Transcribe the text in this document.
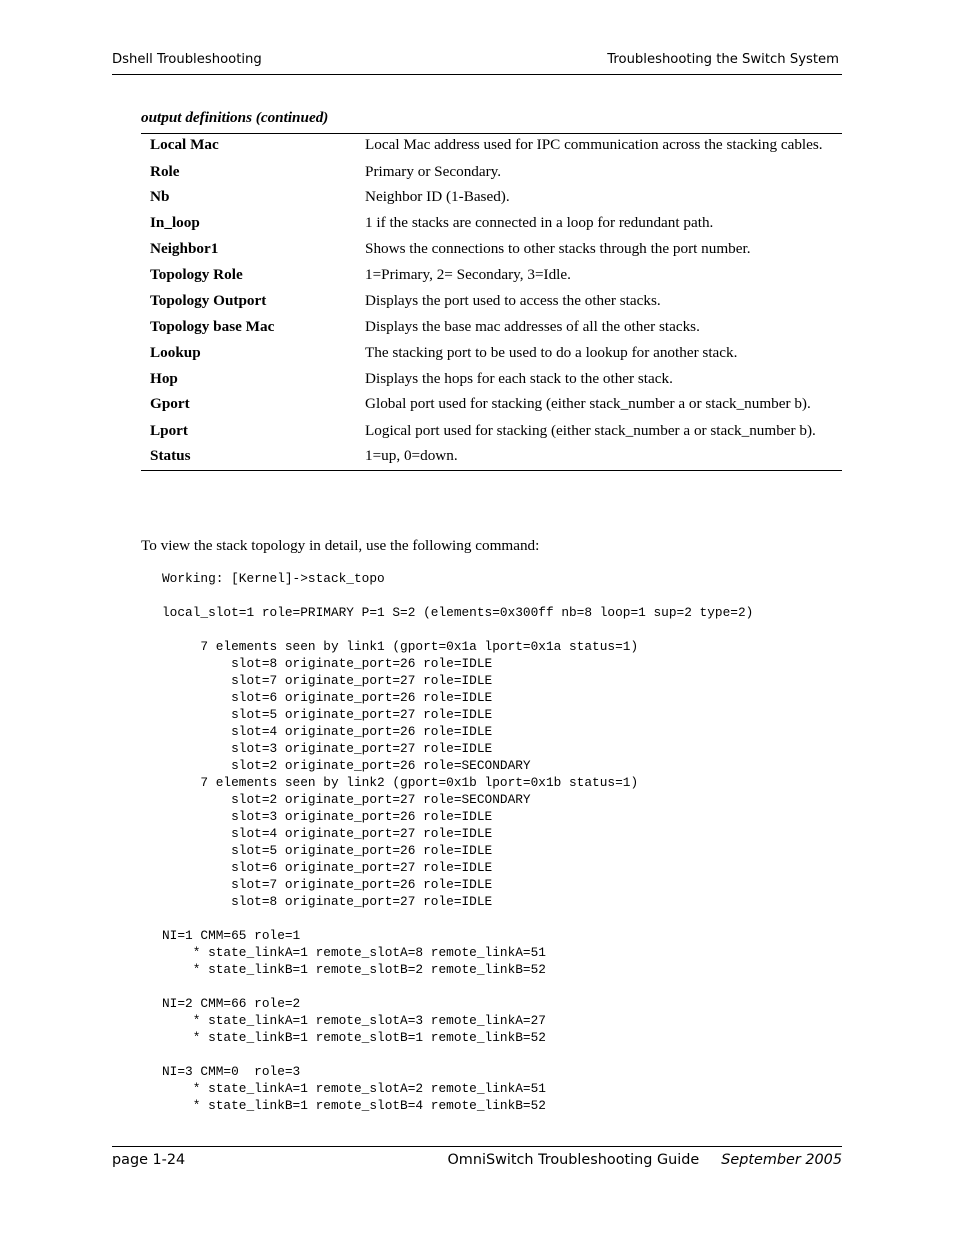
Dshell Troubleshooting	Troubleshooting the Switch System
output definitions (continued)
Local Mac	Local Mac address used for IPC communication across the stacking cables.
Role	Primary or Secondary.
Nb	Neighbor ID (1-Based).
In_loop	1 if the stacks are connected in a loop for redundant path.
Neighbor1	Shows the connections to other stacks through the port number.
Topology Role	1=Primary, 2= Secondary, 3=Idle.
Topology Outport	Displays the port used to access the other stacks.
Topology base Mac	Displays the base mac addresses of all the other stacks.
Lookup	The stacking port to be used to do a lookup for another stack.
Hop	Displays the hops for each stack to the other stack.
Gport	Global port used for stacking (either stack_number a or stack_number b).
Lport	Logical port used for stacking (either stack_number a or stack_number b).
Status	1=up, 0=down.
To view the stack topology in detail, use the following command:
Working: [Kernel]->stack_topo

local_slot=1 role=PRIMARY P=1 S=2 (elements=0x300ff nb=8 loop=1 sup=2 type=2)

7 elements seen by link1 (gport=0x1a lport=0x1a status=1)
slot=8 originate_port=26 role=IDLE
slot=7 originate_port=27 role=IDLE
slot=6 originate_port=26 role=IDLE
slot=5 originate_port=27 role=IDLE
slot=4 originate_port=26 role=IDLE
slot=3 originate_port=27 role=IDLE
slot=2 originate_port=26 role=SECONDARY
7 elements seen by link2 (gport=0x1b lport=0x1b status=1)
slot=2 originate_port=27 role=SECONDARY
slot=3 originate_port=26 role=IDLE
slot=4 originate_port=27 role=IDLE
slot=5 originate_port=26 role=IDLE
slot=6 originate_port=27 role=IDLE
slot=7 originate_port=26 role=IDLE
slot=8 originate_port=27 role=IDLE

NI=1 CMM=65 role=1
* state_linkA=1 remote_slotA=8 remote_linkA=51
* state_linkB=1 remote_slotB=2 remote_linkB=52

NI=2 CMM=66 role=2
* state_linkA=1 remote_slotA=3 remote_linkA=27
* state_linkB=1 remote_slotB=1 remote_linkB=52

NI=3 CMM=0  role=3
* state_linkA=1 remote_slotA=2 remote_linkA=51
* state_linkB=1 remote_slotB=4 remote_linkB=52
page 1-24	OmniSwitch Troubleshooting Guide September 2005
